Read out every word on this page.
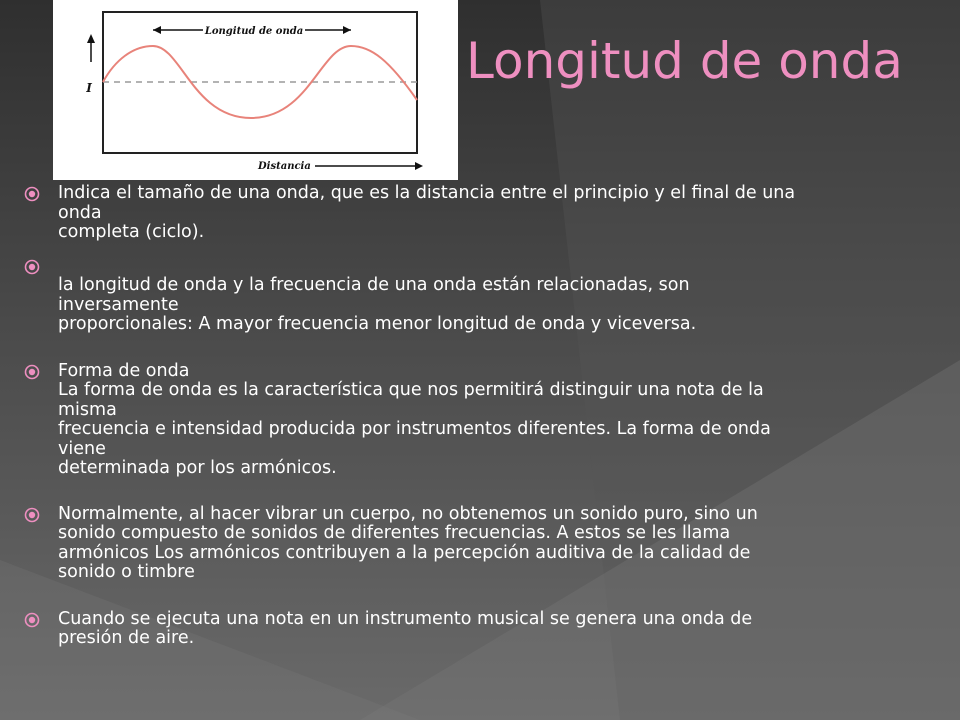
Longitud de onda
I
Distancia
Longitud de onda
Indica el tamaño de una onda, que es la distancia entre el principio y el final de una
onda
completa (ciclo).
la longitud de onda y la frecuencia de una onda están relacionadas, son
inversamente
proporcionales: A mayor frecuencia menor longitud de onda y viceversa.
Forma de onda
La forma de onda es la característica que nos permitirá distinguir una nota de la
misma
frecuencia e intensidad producida por instrumentos diferentes. La forma de onda
viene
determinada por los armónicos.
Normalmente, al hacer vibrar un cuerpo, no obtenemos un sonido puro, sino un
sonido compuesto de sonidos de diferentes frecuencias. A estos se les llama
armónicos Los armónicos contribuyen a la percepción auditiva de la calidad de
sonido o timbre
Cuando se ejecuta una nota en un instrumento musical se genera una onda de
presión de aire.
